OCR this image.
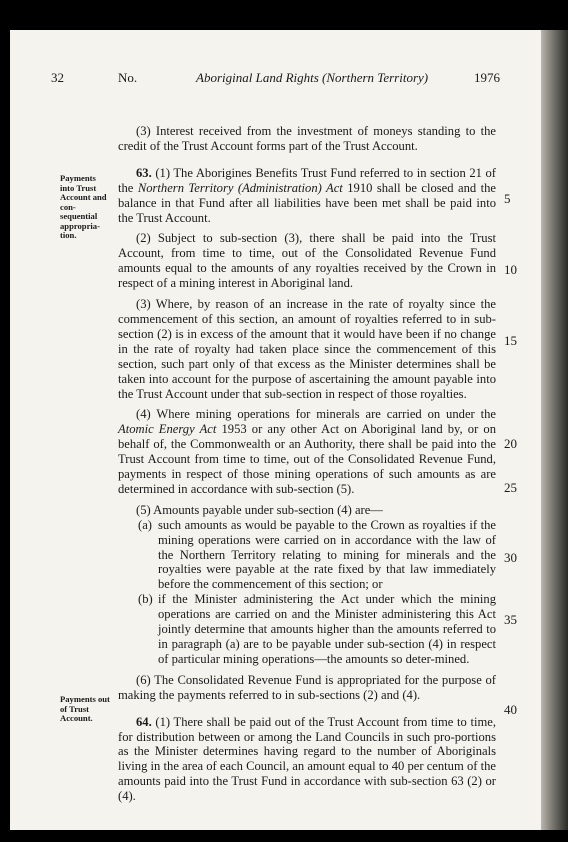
32	No.	Aboriginal Land Rights (Northern Territory)	1976
Payments into Trust Account and con-sequential appropria-tion.
Payments out of Trust Account.
5
10
15
20
25
30
35
40

(3) Interest received from the investment of moneys standing to the credit of the Trust Account forms part of the Trust Account.

63. (1) The Aborigines Benefits Trust Fund referred to in section 21 of the Northern Territory (Administration) Act 1910 shall be closed and the balance in that Fund after all liabilities have been met shall be paid into the Trust Account.

(2) Subject to sub-section (3), there shall be paid into the Trust Account, from time to time, out of the Consolidated Revenue Fund amounts equal to the amounts of any royalties received by the Crown in respect of a mining interest in Aboriginal land.

(3) Where, by reason of an increase in the rate of royalty since the commencement of this section, an amount of royalties referred to in sub-section (2) is in excess of the amount that it would have been if no change in the rate of royalty had taken place since the commencement of this section, such part only of that excess as the Minister determines shall be taken into account for the purpose of ascertaining the amount payable into the Trust Account under that sub-section in respect of those royalties.

(4) Where mining operations for minerals are carried on under the Atomic Energy Act 1953 or any other Act on Aboriginal land by, or on behalf of, the Commonwealth or an Authority, there shall be paid into the Trust Account from time to time, out of the Consolidated Revenue Fund, payments in respect of those mining operations of such amounts as are determined in accordance with sub-section (5).

(5) Amounts payable under sub-section (4) are—

(a) such amounts as would be payable to the Crown as royalties if the mining operations were carried on in accordance with the law of the Northern Territory relating to mining for minerals and the royalties were payable at the rate fixed by that law immediately before the commencement of this section; or

(b) if the Minister administering the Act under which the mining operations are carried on and the Minister administering this Act jointly determine that amounts higher than the amounts referred to in paragraph (a) are to be payable under sub-section (4) in respect of particular mining operations—the amounts so deter-mined.

(6) The Consolidated Revenue Fund is appropriated for the purpose of making the payments referred to in sub-sections (2) and (4).

64. (1) There shall be paid out of the Trust Account from time to time, for distribution between or among the Land Councils in such pro-portions as the Minister determines having regard to the number of Aboriginals living in the area of each Council, an amount equal to 40 per centum of the amounts paid into the Trust Fund in accordance with sub-section 63 (2) or (4).
